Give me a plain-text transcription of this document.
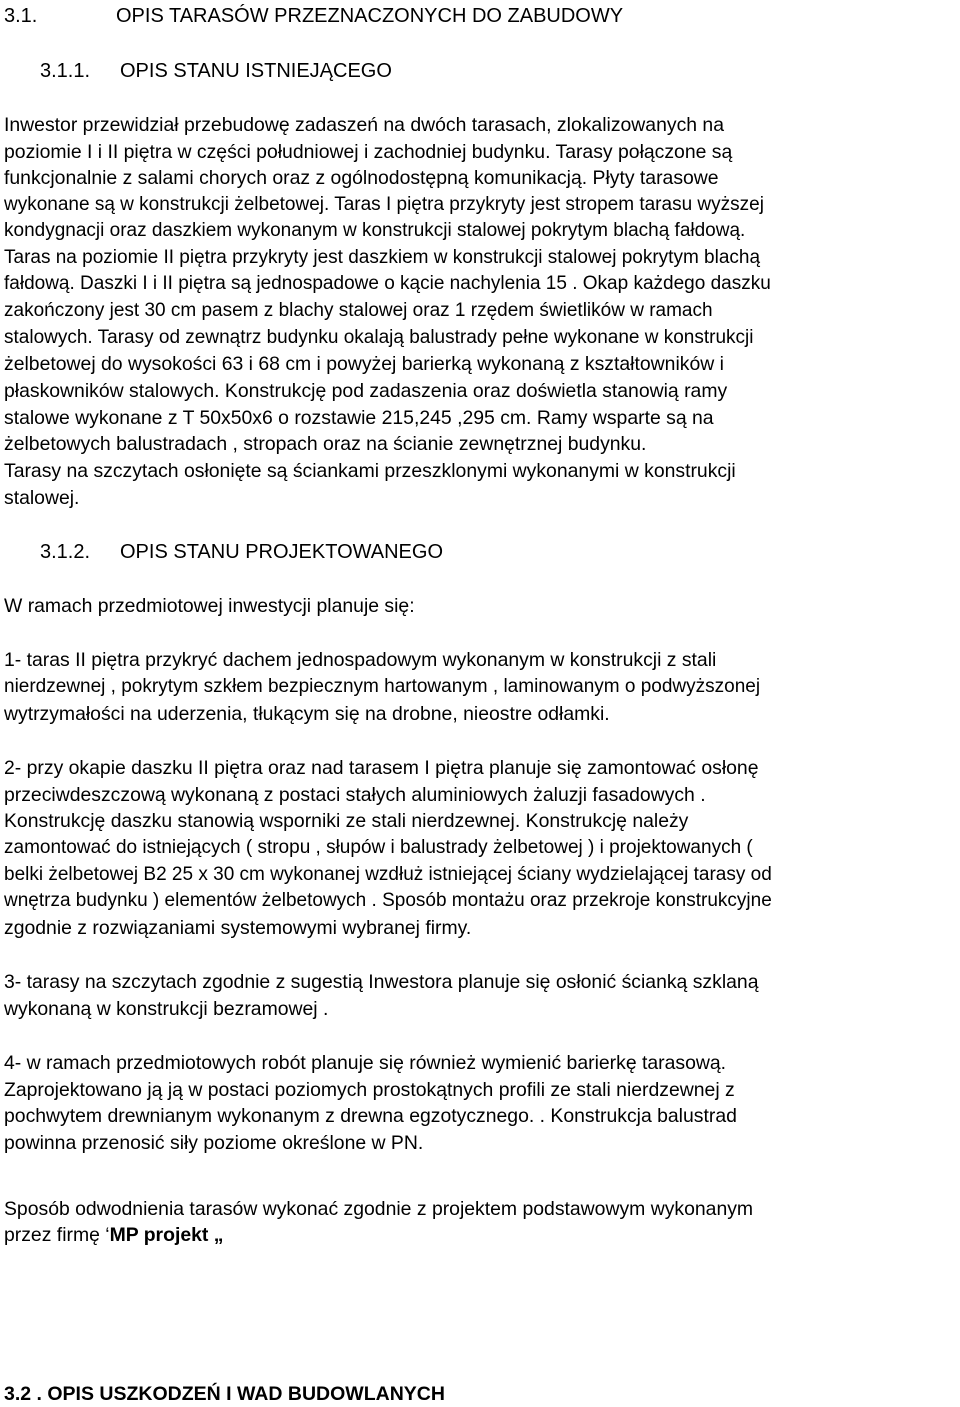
3.1.	OPIS TARASÓW PRZEZNACZONYCH DO ZABUDOWY
3.1.1. OPIS STANU ISTNIEJĄCEGO
Inwestor przewidział przebudowę zadaszeń na dwóch tarasach, zlokalizowanych na
poziomie I i II piętra w części południowej i zachodniej budynku. Tarasy połączone są
funkcjonalnie z salami chorych oraz z ogólnodostępną komunikacją. Płyty tarasowe
wykonane są w konstrukcji żelbetowej. Taras I piętra przykryty jest stropem tarasu wyższej
kondygnacji oraz daszkiem wykonanym w konstrukcji stalowej pokrytym blachą fałdową.
Taras na poziomie II piętra przykryty jest daszkiem w konstrukcji stalowej pokrytym blachą
fałdową. Daszki I i II piętra są jednospadowe o kącie nachylenia 15 . Okap każdego daszku
zakończony jest 30 cm pasem z blachy stalowej oraz 1 rzędem świetlików w ramach
stalowych. Tarasy od zewnątrz budynku okalają balustrady pełne wykonane w konstrukcji
żelbetowej do wysokości 63 i 68 cm i powyżej barierką wykonaną z kształtowników i
płaskowników stalowych. Konstrukcję pod zadaszenia oraz doświetla stanowią ramy
stalowe wykonane z T 50x50x6 o rozstawie 215,245 ,295 cm. Ramy wsparte są na
żelbetowych balustradach , stropach oraz na ścianie zewnętrznej budynku.
Tarasy na szczytach osłonięte są ściankami przeszklonymi wykonanymi w konstrukcji
stalowej.
3.1.2. OPIS STANU PROJEKTOWANEGO
W ramach przedmiotowej inwestycji planuje się:
1- taras II piętra przykryć dachem jednospadowym wykonanym w konstrukcji z stali
nierdzewnej , pokrytym szkłem bezpiecznym hartowanym , laminowanym o podwyższonej
wytrzymałości na uderzenia, tłukącym się na drobne, nieostre odłamki.
2- przy okapie daszku II piętra oraz nad tarasem I piętra planuje się zamontować osłonę
przeciwdeszczową wykonaną z postaci stałych aluminiowych żaluzji fasadowych .
Konstrukcję daszku stanowią wsporniki ze stali nierdzewnej. Konstrukcję należy
zamontować do istniejących ( stropu , słupów i balustrady żelbetowej ) i projektowanych (
belki żelbetowej B2 25 x 30 cm wykonanej wzdłuż istniejącej ściany wydzielającej tarasy od
wnętrza budynku ) elementów żelbetowych . Sposób montażu oraz przekroje konstrukcyjne
zgodnie z rozwiązaniami systemowymi wybranej firmy.
3- tarasy na szczytach zgodnie z sugestią Inwestora planuje się osłonić ścianką szklaną
wykonaną w konstrukcji bezramowej .
4- w ramach przedmiotowych robót planuje się również wymienić barierkę tarasową.
Zaprojektowano ją ją w postaci poziomych prostokątnych profili ze stali nierdzewnej z
pochwytem drewnianym wykonanym z drewna egzotycznego. . Konstrukcja balustrad
powinna przenosić siły poziome określone w PN.
Sposób odwodnienia tarasów wykonać zgodnie z projektem podstawowym wykonanym
przez firmę ‘MP projekt „
3.2 . OPIS USZKODZEŃ I WAD BUDOWLANYCH
